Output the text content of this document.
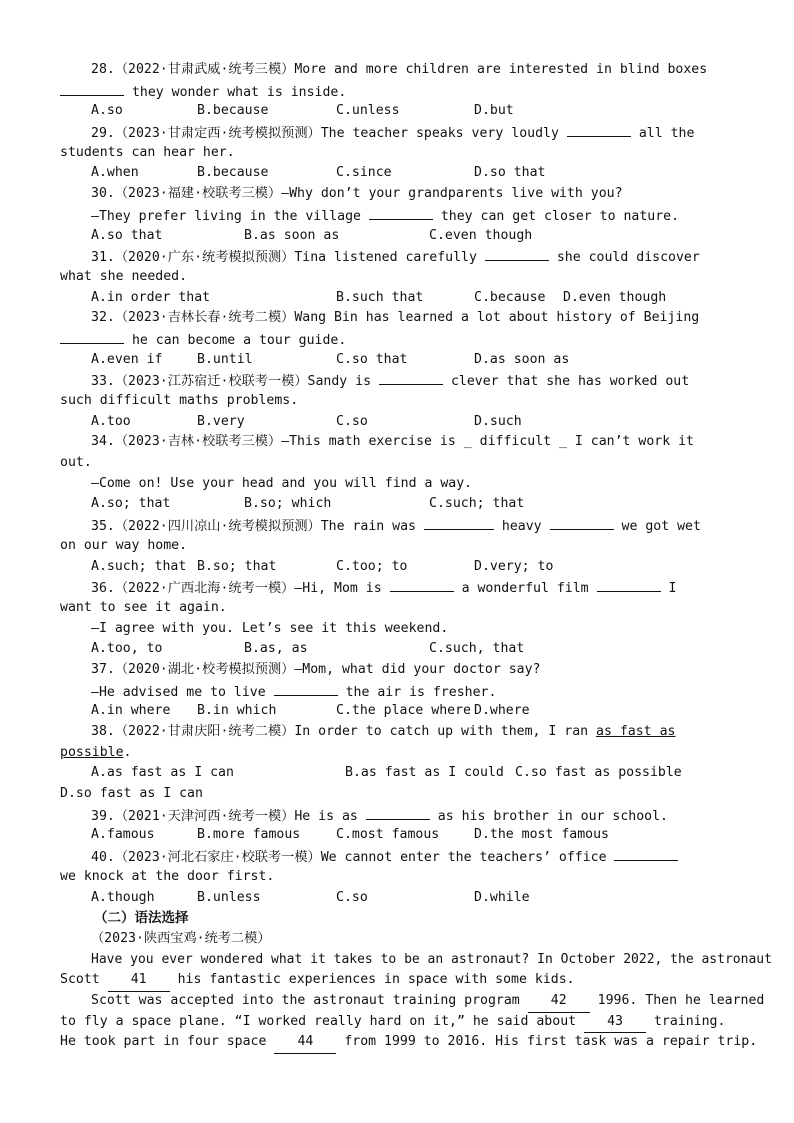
28.（2022·甘肃武威·统考三模）More and more children are interested in blind boxes
they wonder what is inside.
A.so	B.because	C.unless	D.but
29.（2023·甘肃定西·统考模拟预测）The teacher speaks very loudly	all the
students can hear her.
A.when	B.because	C.since	D.so that
30.（2023·福建·校联考三模）—Why don’t your grandparents live with you?
—They prefer living in the village	they can get closer to nature.
A.so that	B.as soon as	C.even though
31.（2020·广东·统考模拟预测）Tina listened carefully	she could discover
what she needed.
A.in order that	B.such that	C.because	D.even though
32.（2023·吉林长春·统考二模）Wang Bin has learned a lot about history of Beijing
he can become a tour guide.
A.even if	B.until	C.so that	D.as soon as
33.（2023·江苏宿迁·校联考一模）Sandy is	clever that she has worked out
such difficult maths problems.
A.too	B.very	C.so	D.such
34.（2023·吉林·校联考三模）—This math exercise is _ difficult _ I can’t work it
out.
—Come on! Use your head and you will find a way.
A.so; that	B.so; which	C.such; that
35.（2022·四川凉山·统考模拟预测）The rain was	heavy	we got wet
on our way home.
A.such; that B.so; that	C.too; to	D.very; to
36.（2022·广西北海·统考一模）—Hi, Mom is	a wonderful film	I
want to see it again.
—I agree with you. Let’s see it this weekend.
A.too, to	B.as, as	C.such, that
37.（2020·湖北·校考模拟预测）—Mom, what did your doctor say?
—He advised me to live	the air is fresher.
A.in where	B.in which	C.the place where D.where
38.（2022·甘肃庆阳·统考二模）In order to catch up with them, I ran as fast as
possible.
A.as fast as I can	B.as fast as I could C.so fast as possible
D.so fast as I can
39.（2021·天津河西·统考一模）He is as	as his brother in our school.
A.famous	B.more famous	C.most famous	D.the most famous
40.（2023·河北石家庄·校联考一模）We cannot enter the teachers’ office
we knock at the door first.
A.though	B.unless	C.so	D.while
（二）语法选择
（2023·陕西宝鸡·统考二模）
Have you ever wondered what it takes to be an astronaut? In October 2022, the astronaut
Scott 41 his fantastic experiences in space with some kids.
Scott was accepted into the astronaut training program 42 1996. Then he learned
to fly a space plane. “I worked really hard on it,” he said about 43 training.
He took part in four space 44 from 1999 to 2016. His first task was a repair trip.
